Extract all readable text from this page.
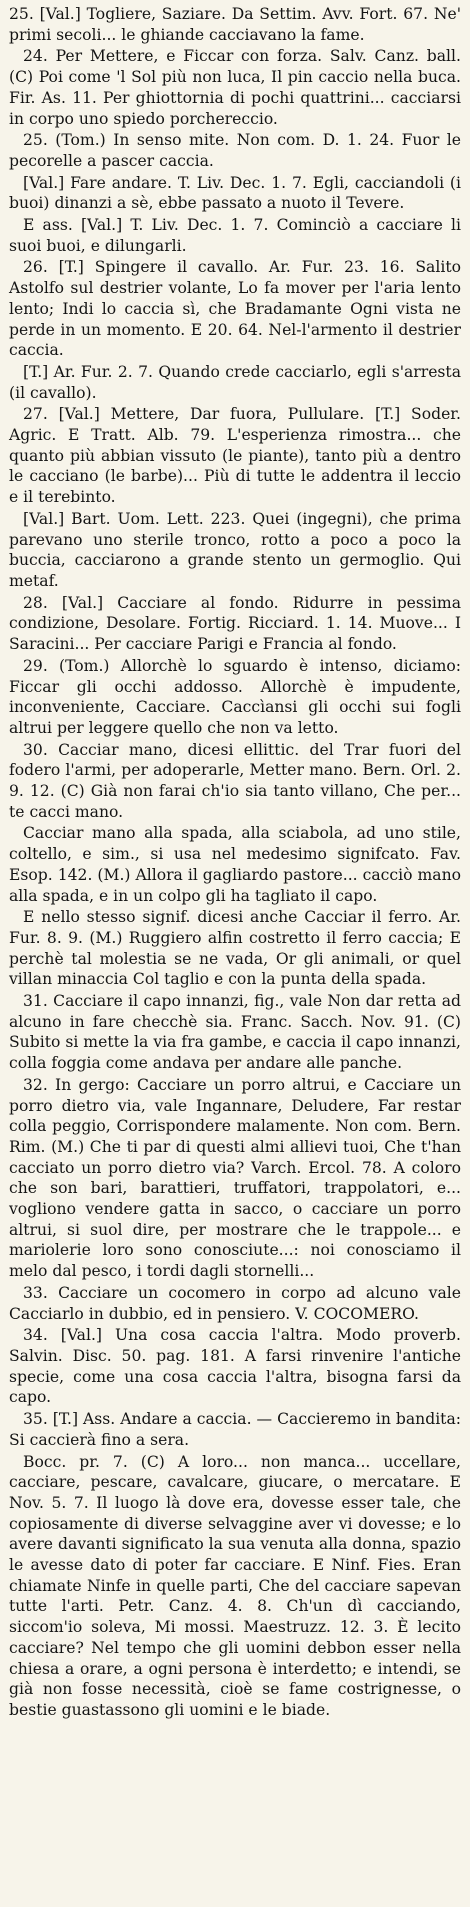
25. [Val.] Togliere, Saziare. Da Settim. Avv. Fort. 67. Ne' primi secoli... le ghiande cacciavano la fame.

24. Per Mettere, e Ficcar con forza. Salv. Canz. ball. (C) Poi come 'l Sol più non luca, Il pin caccio nella buca. Fir. As. 11. Per ghiottornia di pochi quattrini... cacciarsi in corpo uno spiedo porchereccio.

25. (Tom.) In senso mite. Non com. D. 1. 24. Fuor le pecorelle a pascer caccia.

[Val.] Fare andare. T. Liv. Dec. 1. 7. Egli, cacciandoli (i buoi) dinanzi a sè, ebbe passato a nuoto il Tevere.

E ass. [Val.] T. Liv. Dec. 1. 7. Cominciò a cacciare li suoi buoi, e dilungarli.

26. [T.] Spingere il cavallo. Ar. Fur. 23. 16. Salito Astolfo sul destrier volante, Lo fa mover per l'aria lento lento; Indi lo caccia sì, che Bradamante Ogni vista ne perde in un momento. E 20. 64. Nel-l'armento il destrier caccia.

[T.] Ar. Fur. 2. 7. Quando crede cacciarlo, egli s'arresta (il cavallo).

27. [Val.] Mettere, Dar fuora, Pullulare. [T.] Soder. Agric. E Tratt. Alb. 79. L'esperienza rimostra... che quanto più abbian vissuto (le piante), tanto più a dentro le cacciano (le barbe)... Più di tutte le addentra il leccio e il terebinto.

[Val.] Bart. Uom. Lett. 223. Quei (ingegni), che prima parevano uno sterile tronco, rotto a poco a poco la buccia, cacciarono a grande stento un germoglio. Qui metaf.

28. [Val.] Cacciare al fondo. Ridurre in pessima condizione, Desolare. Fortig. Ricciard. 1. 14. Muove... I Saracini... Per cacciare Parigi e Francia al fondo.

29. (Tom.) Allorchè lo sguardo è intenso, diciamo: Ficcar gli occhi addosso. Allorchè è impudente, inconveniente, Cacciare. Caccìansi gli occhi sui fogli altrui per leggere quello che non va letto.

30. Cacciar mano, dicesi ellittic. del Trar fuori del fodero l'armi, per adoperarle, Metter mano. Bern. Orl. 2. 9. 12. (C) Già non farai ch'io sia tanto villano, Che per... te cacci mano.

Cacciar mano alla spada, alla sciabola, ad uno stile, coltello, e sim., si usa nel medesimo signifcato. Fav. Esop. 142. (M.) Allora il gagliardo pastore... cacciò mano alla spada, e in un colpo gli ha tagliato il capo.

E nello stesso signif. dicesi anche Cacciar il ferro. Ar. Fur. 8. 9. (M.) Ruggiero alfin costretto il ferro caccia; E perchè tal molestia se ne vada, Or gli animali, or quel villan minaccia Col taglio e con la punta della spada.

31. Cacciare il capo innanzi, fig., vale Non dar retta ad alcuno in fare checchè sia. Franc. Sacch. Nov. 91. (C) Subito si mette la via fra gambe, e caccia il capo innanzi, colla foggia come andava per andare alle panche.

32. In gergo: Cacciare un porro altrui, e Cacciare un porro dietro via, vale Ingannare, Deludere, Far restar colla peggio, Corrispondere malamente. Non com. Bern. Rim. (M.) Che ti par di questi almi allievi tuoi, Che t'han cacciato un porro dietro via? Varch. Ercol. 78. A coloro che son bari, barattieri, truffatori, trappolatori, e... vogliono vendere gatta in sacco, o cacciare un porro altrui, si suol dire, per mostrare che le trappole... e mariolerie loro sono conosciute...: noi conosciamo il melo dal pesco, i tordi dagli stornelli...

33. Cacciare un cocomero in corpo ad alcuno vale Cacciarlo in dubbio, ed in pensiero. V. COCOMERO.

34. [Val.] Una cosa caccia l'altra. Modo proverb. Salvin. Disc. 50. pag. 181. A farsi rinvenire l'antiche specie, come una cosa caccia l'altra, bisogna farsi da capo.

35. [T.] Ass. Andare a caccia. — Caccieremo in bandita: Si caccierà fino a sera.

Bocc. pr. 7. (C) A loro... non manca... uccellare, cacciare, pescare, cavalcare, giucare, o mercatare. E Nov. 5. 7. Il luogo là dove era, dovesse esser tale, che copiosamente di diverse selvaggine aver vi dovesse; e lo avere davanti significato la sua venuta alla donna, spazio le avesse dato di poter far cacciare. E Ninf. Fies. Eran chiamate Ninfe in quelle parti, Che del cacciare sapevan tutte l'arti. Petr. Canz. 4. 8. Ch'un dì cacciando, siccom'io soleva, Mi mossi. Maestruzz. 12. 3. È lecito cacciare? Nel tempo che gli uomini debbon esser nella chiesa a orare, a ogni persona è interdetto; e intendi, se già non fosse necessità, cioè se fame costrignesse, o bestie guastassono gli uomini e le biade.
